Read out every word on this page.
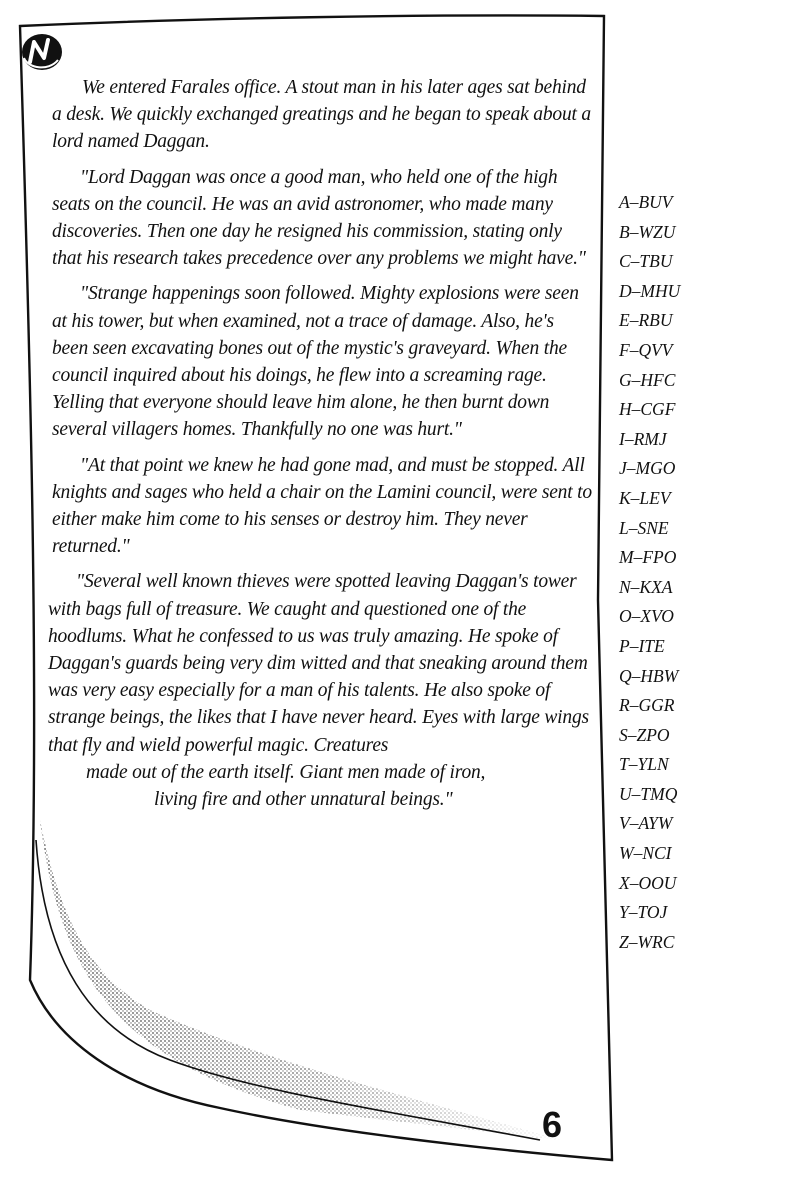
We entered Farales office. A stout man in his later ages sat behind a desk. We quickly exchanged greatings and he began to speak about a lord named Daggan.

"Lord Daggan was once a good man, who held one of the high seats on the council. He was an avid astronomer, who made many discoveries. Then one day he resigned his commission, stating only that his research takes precedence over any problems we might have."

"Strange happenings soon followed. Mighty explosions were seen at his tower, but when examined, not a trace of damage. Also, he's been seen excavating bones out of the mystic's graveyard. When the council inquired about his doings, he flew into a screaming rage. Yelling that everyone should leave him alone, he then burnt down several villagers homes. Thankfully no one was hurt."

"At that point we knew he had gone mad, and must be stopped. All knights and sages who held a chair on the Lamini council, were sent to either make him come to his senses or destroy him. They never returned."

"Several well known thieves were spotted leaving Daggan's tower with bags full of treasure. We caught and questioned one of the hoodlums. What he confessed to us was truly amazing. He spoke of Daggan's guards being very dim witted and that sneaking around them was very easy especially for a man of his talents. He also spoke of strange beings, the likes that I have never heard. Eyes with large wings that fly and wield powerful magic. Creatures
made out of the earth itself. Giant men made of iron,
living fire and other unnatural beings."

A–BUV
B–WZU
C–TBU
D–MHU
E–RBU
F–QVV
G–HFC
H–CGF
I–RMJ
J–MGO
K–LEV
L–SNE
M–FPO
N–KXA
O–XVO
P–ITE
Q–HBW
R–GGR
S–ZPO
T–YLN
U–TMQ
V–AYW
W–NCI
X–OOU
Y–TOJ
Z–WRC
6
